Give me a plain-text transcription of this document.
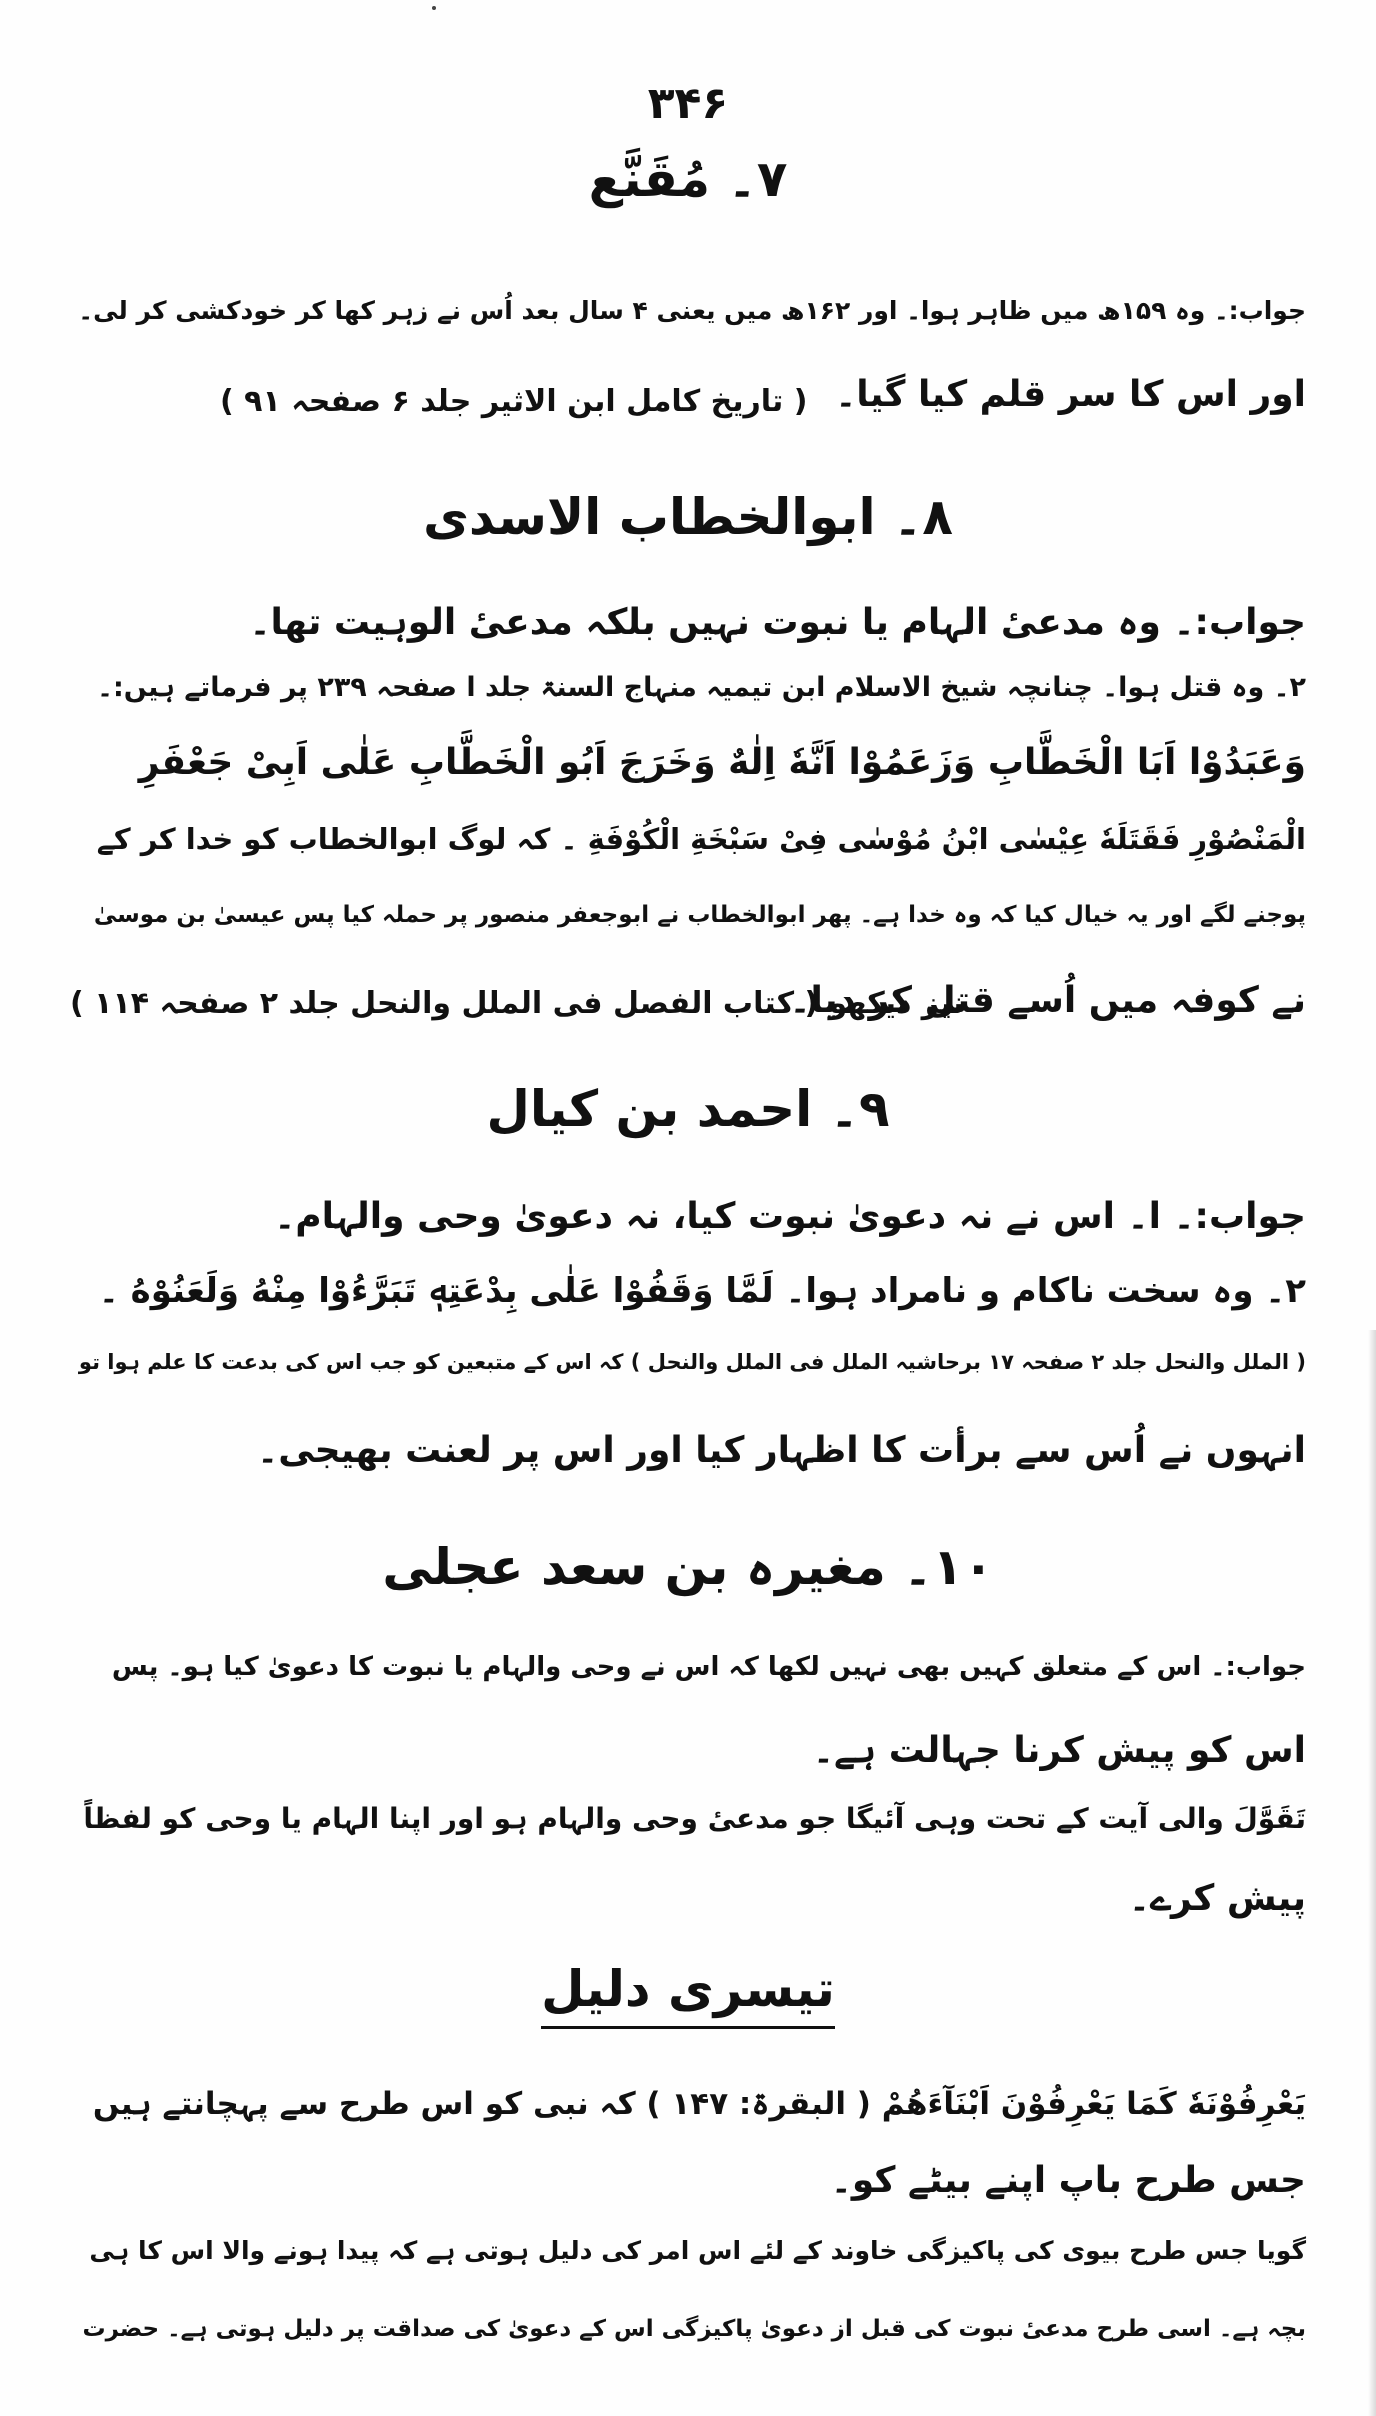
۳۴۶
۷۔ مُقَنَّع
جواب:۔ وہ ۱۵۹ھ میں ظاہر ہوا۔ اور ۱۶۲ھ میں یعنی ۴ سال بعد اُس نے زہر کھا کر خودکشی کر لی۔
اور اس کا سر قلم کیا گیا۔
( تاریخ کامل ابن الاثیر جلد ۶ صفحہ ۹۱ )
۸۔ ابوالخطاب الاسدی
جواب:۔ وہ مدعیٔ الہام یا نبوت نہیں بلکہ مدعیٔ الوہیت تھا۔
۲۔ وہ قتل ہوا۔ چنانچہ شیخ الاسلام ابن تیمیہ منہاج السنۃ جلد ا صفحہ ۲۳۹ پر فرماتے ہیں:۔
وَعَبَدُوْا اَبَا الْخَطَّابِ وَزَعَمُوْا اَنَّهٗ اِلٰهٌ وَخَرَجَ اَبُو الْخَطَّابِ عَلٰی اَبِیْ جَعْفَرِ
الْمَنْصُوْرِ فَقَتَلَهٗ عِیْسٰی ابْنُ مُوْسٰی فِیْ سَبْخَةِ الْكُوْفَةِ ۔ کہ لوگ ابوالخطاب کو خدا کر کے
پوجنے لگے اور یہ خیال کیا کہ وہ خدا ہے۔ پھر ابوالخطاب نے ابوجعفر منصور پر حملہ کیا پس عیسیٰ بن موسیٰ
نے کوفہ میں اُسے قتل کر دیا۔
نیز دیکھو ( کتاب الفصل فی الملل والنحل جلد ۲ صفحہ ۱۱۴ )
۹۔ احمد بن کیال
جواب:۔ ا۔ اس نے نہ دعویٰ نبوت کیا، نہ دعویٰ وحی والہام۔
۲۔ وہ سخت ناکام و نامراد ہوا۔ لَمَّا وَقَفُوْا عَلٰی بِدْعَتِهٖ تَبَرَّءُوْا مِنْهُ وَلَعَنُوْهُ ۔
( الملل والنحل جلد ۲ صفحہ ۱۷ برحاشیہ الملل فی الملل والنحل ) کہ اس کے متبعین کو جب اس کی بدعت کا علم ہوا تو
انہوں نے اُس سے برأت کا اظہار کیا اور اس پر لعنت بھیجی۔
۱۰۔ مغیرہ بن سعد عجلی
جواب:۔ اس کے متعلق کہیں بھی نہیں لکھا کہ اس نے وحی والہام یا نبوت کا دعویٰ کیا ہو۔ پس
اس کو پیش کرنا جہالت ہے۔
تَقَوَّلَ والی آیت کے تحت وہی آئیگا جو مدعیٔ وحی والہام ہو اور اپنا الہام یا وحی کو لفظاً
پیش کرے۔
تیسری دلیل
یَعْرِفُوْنَهٗ كَمَا یَعْرِفُوْنَ اَبْنَآءَهُمْ ( البقرۃ: ۱۴۷ ) کہ نبی کو اس طرح سے پہچانتے ہیں
جس طرح باپ اپنے بیٹے کو۔
گویا جس طرح بیوی کی پاکیزگی خاوند کے لئے اس امر کی دلیل ہوتی ہے کہ پیدا ہونے والا اس کا ہی
بچہ ہے۔ اسی طرح مدعیٔ نبوت کی قبل از دعویٰ پاکیزگی اس کے دعویٰ کی صداقت پر دلیل ہوتی ہے۔ حضرت
